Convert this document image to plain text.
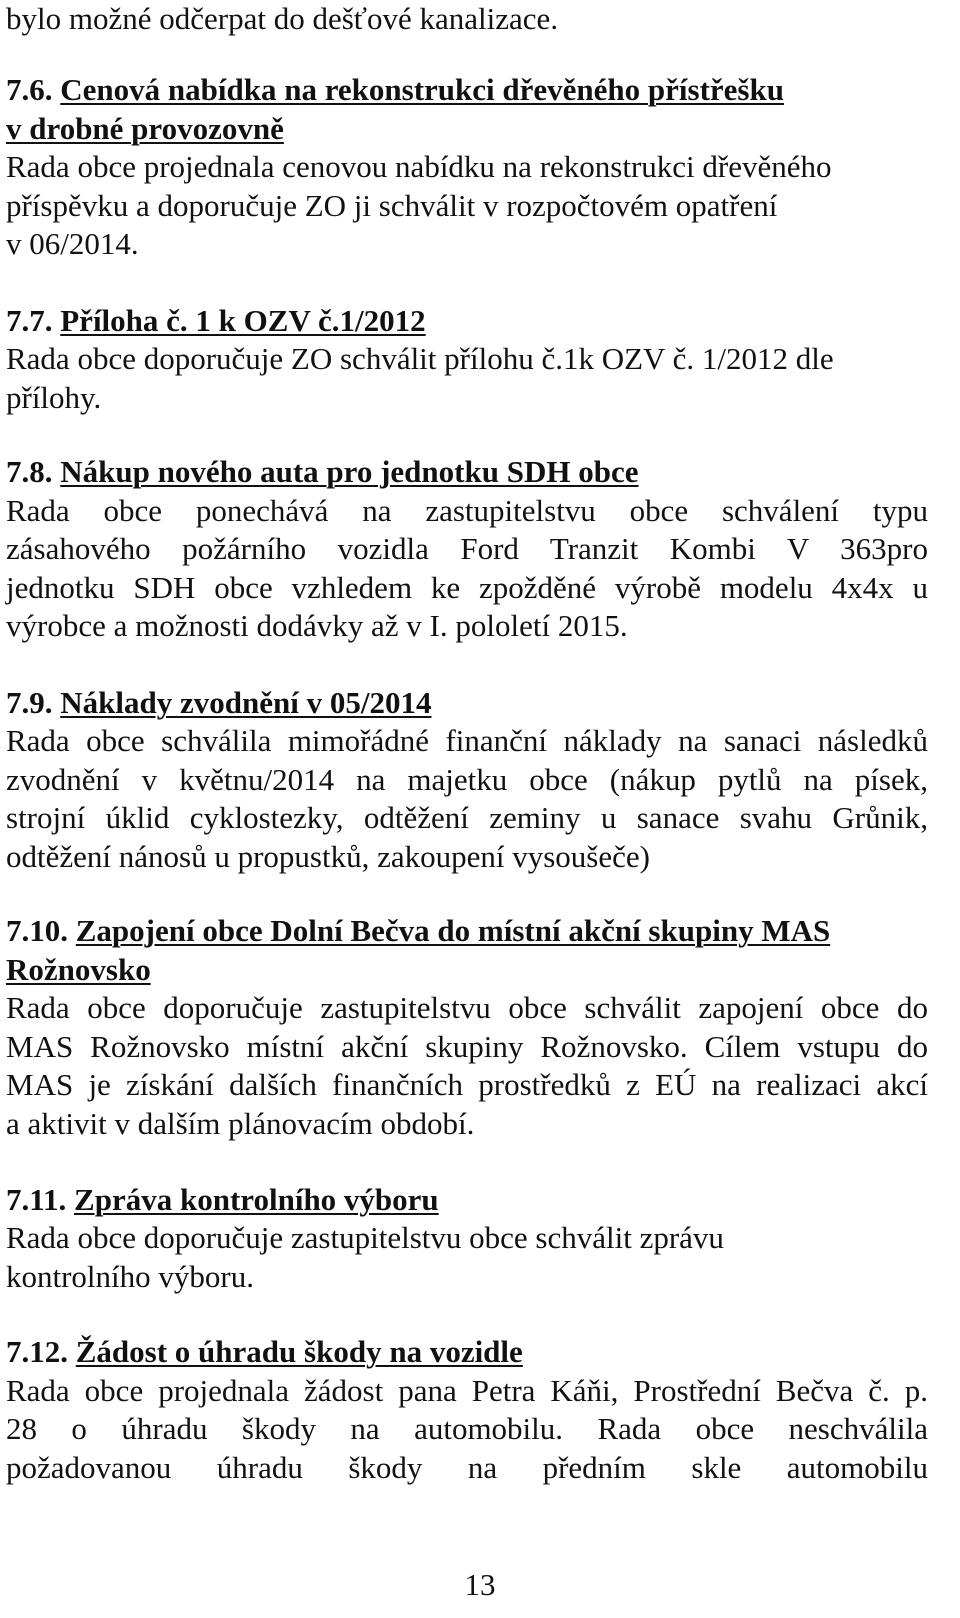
bylo možné odčerpat do dešťové kanalizace.
7.6. Cenová nabídka na rekonstrukci dřevěného přístřešku
v drobné provozovně
Rada obce projednala cenovou nabídku na rekonstrukci dřevěného
příspěvku a doporučuje ZO ji schválit v rozpočtovém opatření
v 06/2014.
7.7. Příloha č. 1 k OZV č.1/2012
Rada obce doporučuje ZO schválit přílohu č.1k OZV č. 1/2012 dle
přílohy.
7.8. Nákup nového auta pro jednotku SDH obce
Rada obce ponechává na zastupitelstvu obce schválení typu
zásahového požárního vozidla Ford Tranzit Kombi V 363pro
jednotku SDH obce vzhledem ke zpožděné výrobě modelu 4x4x u
výrobce a možnosti dodávky až v I. pololetí 2015.
7.9. Náklady zvodnění v 05/2014
Rada obce schválila mimořádné finanční náklady na sanaci následků
zvodnění v květnu/2014 na majetku obce (nákup pytlů na písek,
strojní úklid cyklostezky, odtěžení zeminy u sanace svahu Grůnik,
odtěžení nánosů u propustků, zakoupení vysoušeče)
7.10. Zapojení obce Dolní Bečva do místní akční skupiny MAS
Rožnovsko
Rada obce doporučuje zastupitelstvu obce schválit zapojení obce do
MAS Rožnovsko místní akční skupiny Rožnovsko. Cílem vstupu do
MAS je získání dalších finančních prostředků z EÚ na realizaci akcí
a aktivit v dalším plánovacím období.
7.11. Zpráva kontrolního výboru
Rada obce doporučuje zastupitelstvu obce schválit zprávu
kontrolního výboru.
7.12. Žádost o úhradu škody na vozidle
Rada obce projednala žádost pana Petra Káňi, Prostřední Bečva č. p.
28 o úhradu škody na automobilu. Rada obce neschválila
požadovanou úhradu škody na předním skle automobilu
13
